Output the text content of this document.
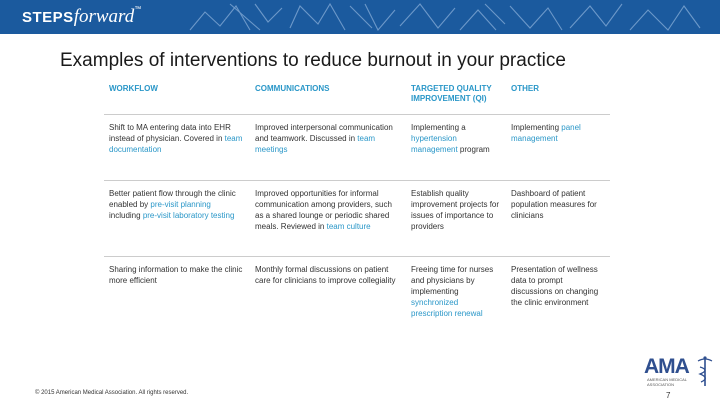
STEPSforward™
Examples of interventions to reduce burnout in your practice
WORKFLOW	COMMUNICATIONS	TARGETED QUALITY IMPROVEMENT (QI)	OTHER
Shift to MA entering data into EHR instead of physician. Covered in team documentation	Improved interpersonal communication and teamwork. Discussed in team meetings	Implementing a hypertension management program	Implementing panel management
Better patient flow through the clinic enabled by pre-visit planning including pre-visit laboratory testing	Improved opportunities for informal communication among providers, such as a shared lounge or periodic shared meals. Reviewed in team culture	Establish quality improvement projects for issues of importance to providers	Dashboard of patient population measures for clinicians
Sharing information to make the clinic more efficient	Monthly formal discussions on patient care for clinicians to improve collegiality	Freeing time for nurses and physicians by implementing synchronized prescription renewal	Presentation of wellness data to prompt discussions on changing the clinic environment
AMA
AMERICAN MEDICAL ASSOCIATION
© 2015 American Medical Association. All rights reserved.	7
